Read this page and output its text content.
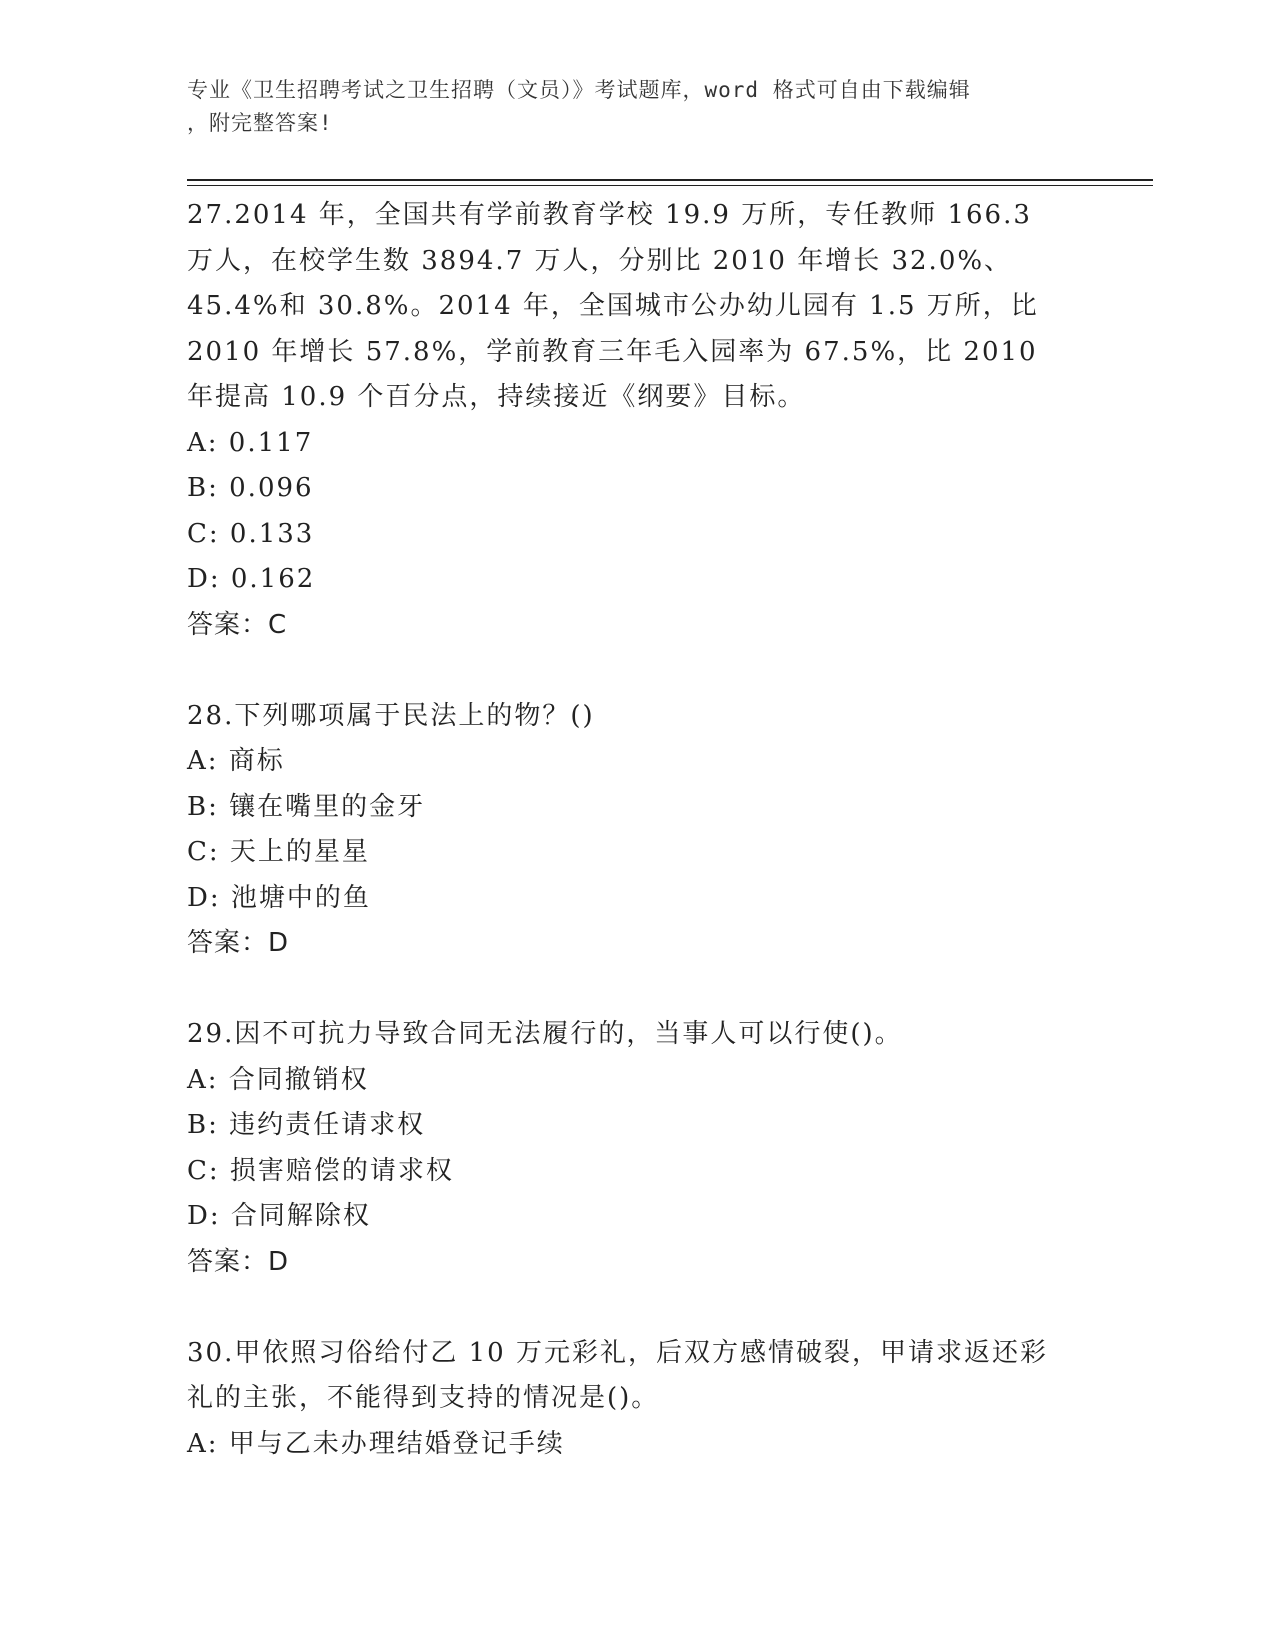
专业《卫生招聘考试之卫生招聘（文员）》考试题库，word 格式可自由下载编辑
，附完整答案!
27.2014 年，全国共有学前教育学校 19.9 万所，专任教师 166.3 万人，在校学生数 3894.7 万人，分别比 2010 年增长 32.0%、45.4%和 30.8%。2014 年，全国城市公办幼儿园有 1.5 万所，比 2010 年增长 57.8%，学前教育三年毛入园率为 67.5%，比 2010 年提高 10.9 个百分点，持续接近《纲要》目标。
A: 0.117
B: 0.096
C: 0.133
D: 0.162
答案：C
28.下列哪项属于民法上的物？()
A: 商标
B: 镶在嘴里的金牙
C: 天上的星星
D: 池塘中的鱼
答案：D
29.因不可抗力导致合同无法履行的，当事人可以行使()。
A: 合同撤销权
B: 违约责任请求权
C: 损害赔偿的请求权
D: 合同解除权
答案：D
30.甲依照习俗给付乙 10 万元彩礼，后双方感情破裂，甲请求返还彩礼的主张，不能得到支持的情况是()。
A: 甲与乙未办理结婚登记手续
